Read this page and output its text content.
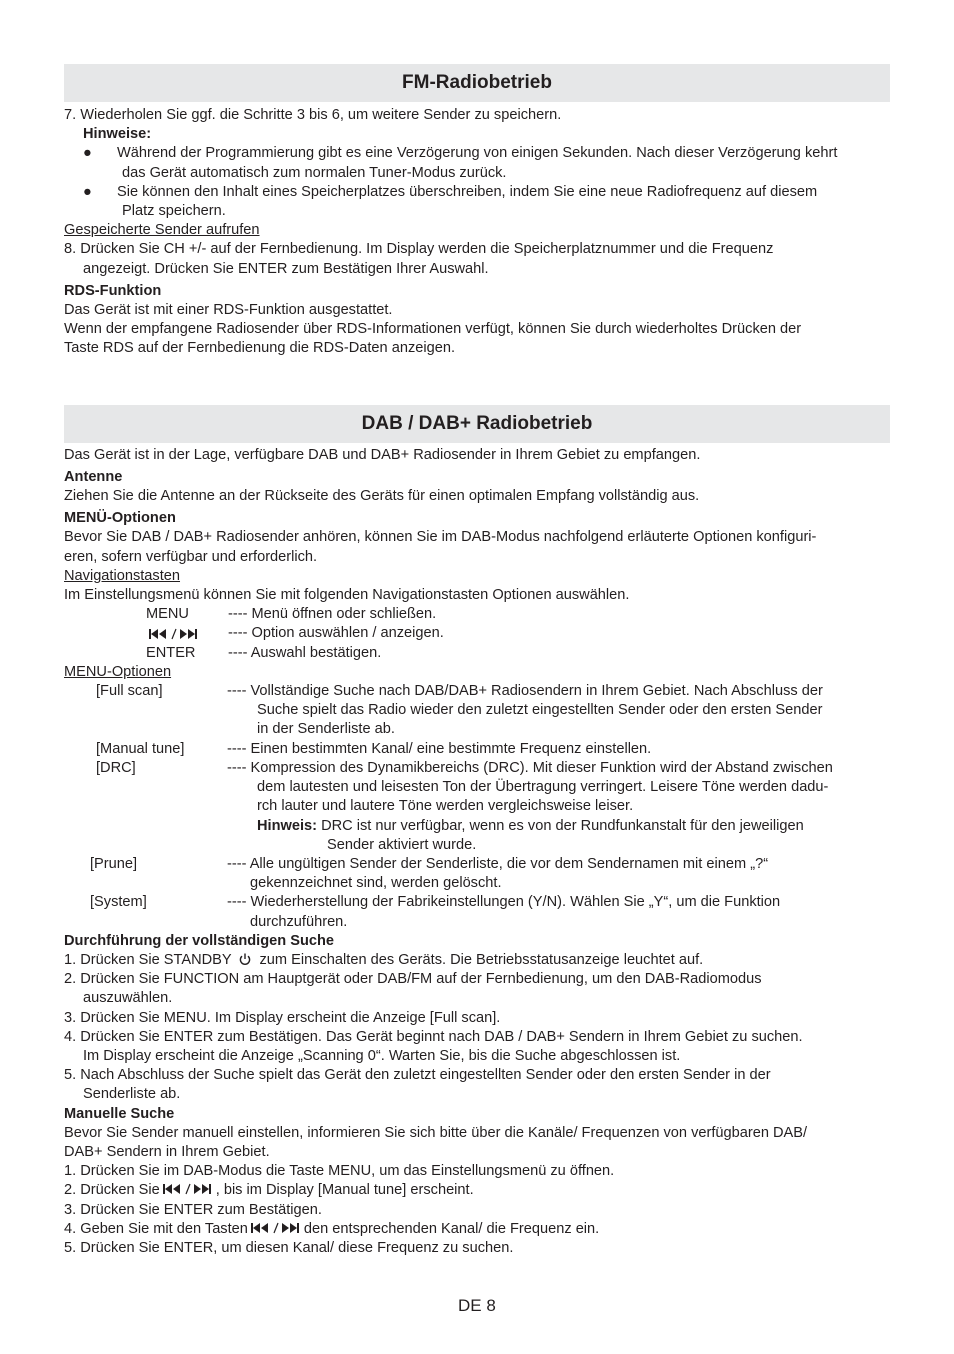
FM-Radiobetrieb
7. Wiederholen Sie ggf. die Schritte 3 bis 6, um weitere Sender zu speichern.
Hinweise:
●	Während der Programmierung gibt es eine Verzögerung von einigen Sekunden. Nach dieser Verzögerung kehrt
das Gerät automatisch zum normalen Tuner-Modus zurück.
●	Sie können den Inhalt eines Speicherplatzes überschreiben, indem Sie eine neue Radiofrequenz auf diesem
Platz speichern.
Gespeicherte Sender aufrufen
8. Drücken Sie CH +/- auf der Fernbedienung. Im Display werden die Speicherplatznummer und die Frequenz
angezeigt. Drücken Sie ENTER zum Bestätigen Ihrer Auswahl.
RDS-Funktion
Das Gerät ist mit einer RDS-Funktion ausgestattet.
Wenn der empfangene Radiosender über RDS-Informationen verfügt, können Sie durch wiederholtes Drücken der
Taste RDS auf der Fernbedienung die RDS-Daten anzeigen.
DAB / DAB+ Radiobetrieb
Das Gerät ist in der Lage, verfügbare DAB und DAB+ Radiosender in Ihrem Gebiet zu empfangen.
Antenne
Ziehen Sie die Antenne an der Rückseite des Geräts für einen optimalen Empfang vollständig aus.
MENÜ-Optionen
Bevor Sie DAB / DAB+ Radiosender anhören, können Sie im DAB-Modus nachfolgend erläuterte Optionen konfiguri-
eren, sofern verfügbar und erforderlich.
Navigationstasten
Im Einstellungsmenü können Sie mit folgenden Navigationstasten Optionen auswählen.
MENU	---- Menü öffnen oder schließen.
---- Option auswählen / anzeigen.
ENTER	---- Auswahl bestätigen.
MENU-Optionen
[Full scan]	---- Vollständige Suche nach DAB/DAB+ Radiosendern in Ihrem Gebiet. Nach Abschluss der
Suche spielt das Radio wieder den zuletzt eingestellten Sender oder den ersten Sender
in der Senderliste ab.
[Manual tune]	---- Einen bestimmten Kanal/ eine bestimmte Frequenz einstellen.
[DRC]	---- Kompression des Dynamikbereichs (DRC). Mit dieser Funktion wird der Abstand zwischen
dem lautesten und leisesten Ton der Übertragung verringert. Leisere Töne werden dadu-
rch lauter und lautere Töne werden vergleichsweise leiser.
Hinweis: DRC ist nur verfügbar, wenn es von der Rundfunkanstalt für den jeweiligen
Sender aktiviert wurde.
[Prune]	---- Alle ungültigen Sender der Senderliste, die vor dem Sendernamen mit einem „?“
gekennzeichnet sind, werden gelöscht.
[System]	---- Wiederherstellung der Fabrikeinstellungen (Y/N). Wählen Sie „Y“, um die Funktion
durchzuführen.
Durchführung der vollständigen Suche
1. Drücken Sie STANDBY zum Einschalten des Geräts. Die Betriebsstatusanzeige leuchtet auf.
2. Drücken Sie FUNCTION am Hauptgerät oder DAB/FM auf der Fernbedienung, um den DAB-Radiomodus
auszuwählen.
3. Drücken Sie MENU. Im Display erscheint die Anzeige [Full scan].
4. Drücken Sie ENTER zum Bestätigen. Das Gerät beginnt nach DAB / DAB+ Sendern in Ihrem Gebiet zu suchen.
Im Display erscheint die Anzeige „Scanning 0“. Warten Sie, bis die Suche abgeschlossen ist.
5. Nach Abschluss der Suche spielt das Gerät den zuletzt eingestellten Sender oder den ersten Sender in der
Senderliste ab.
Manuelle Suche
Bevor Sie Sender manuell einstellen, informieren Sie sich bitte über die Kanäle/ Frequenzen von verfügbaren DAB/
DAB+ Sendern in Ihrem Gebiet.
1. Drücken Sie im DAB-Modus die Taste MENU, um das Einstellungsmenü zu öffnen.
2. Drücken Sie	, bis im Display [Manual tune] erscheint.
3. Drücken Sie ENTER zum Bestätigen.
4. Geben Sie mit den Tasten	den entsprechenden Kanal/ die Frequenz ein.
5. Drücken Sie ENTER, um diesen Kanal/ diese Frequenz zu suchen.
DE 8
